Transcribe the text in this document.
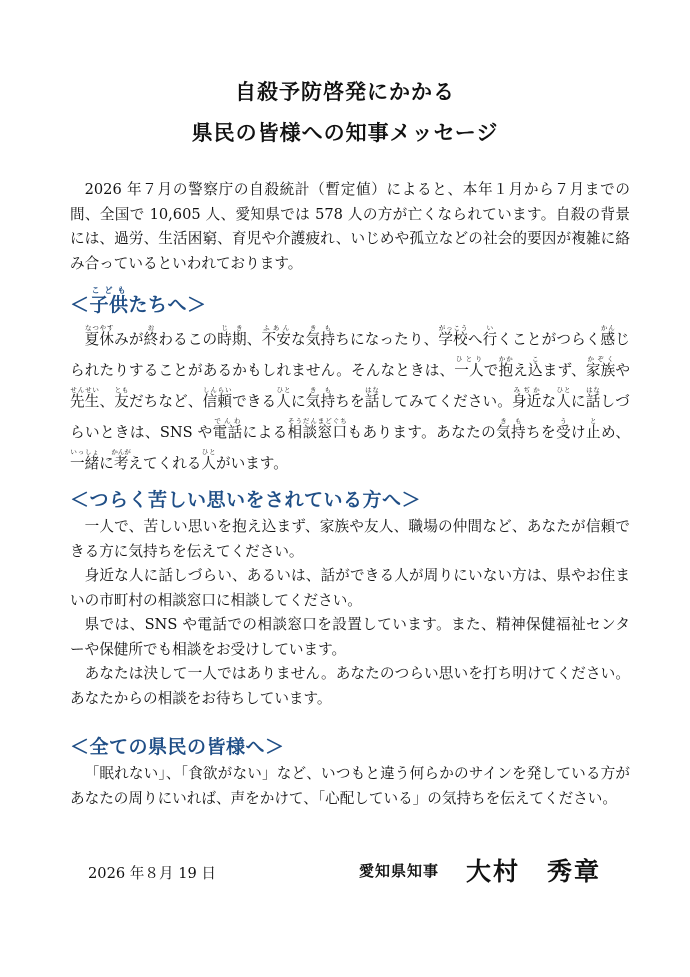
自殺予防啓発にかかる
県民の皆様への知事メッセージ
2026 年７月の警察庁の自殺統計（暫定値）によると、本年１月から７月までの間、全国で 10,605 人、愛知県では 578 人の方が亡くなられています。自殺の背景には、過労、生活困窮、育児や介護疲れ、いじめや孤立などの社会的要因が複雑に絡み合っているといわれております。
＜子供こどもたちへ＞
夏休なつやすみが終おわるこの時期じき、不安ふあんな気持きもちになったり、学校がっこうへ行いくことがつらく感かんじられたりすることがあるかもしれません。そんなときは、一人ひとりで抱かかえ込こまず、家族かぞくや先生せんせい、友ともだちなど、信頼しんらいできる人ひとに気持きもちを話はなしてみてください。身近みぢかな人ひとに話はなしづらいときは、SNS や電話でんわによる相談窓口そうだんまどぐちもあります。あなたの気持きもちを受うけ止とめ、一緒いっしょに考かんがえてくれる人ひとがいます。
＜つらく苦しい思いをされている方へ＞
一人で、苦しい思いを抱え込まず、家族や友人、職場の仲間など、あなたが信頼できる方に気持ちを伝えてください。
身近な人に話しづらい、あるいは、話ができる人が周りにいない方は、県やお住まいの市町村の相談窓口に相談してください。
県では、SNS や電話での相談窓口を設置しています。また、精神保健福祉センターや保健所でも相談をお受けしています。
あなたは決して一人ではありません。あなたのつらい思いを打ち明けてください。あなたからの相談をお待ちしています。
＜全ての県民の皆様へ＞
「眠れない」、「食欲がない」など、いつもと違う何らかのサインを発している方があなたの周りにいれば、声をかけて、「心配している」の気持ちを伝えてください。
2026 年８月 19 日	愛知県知事 大村　秀章
